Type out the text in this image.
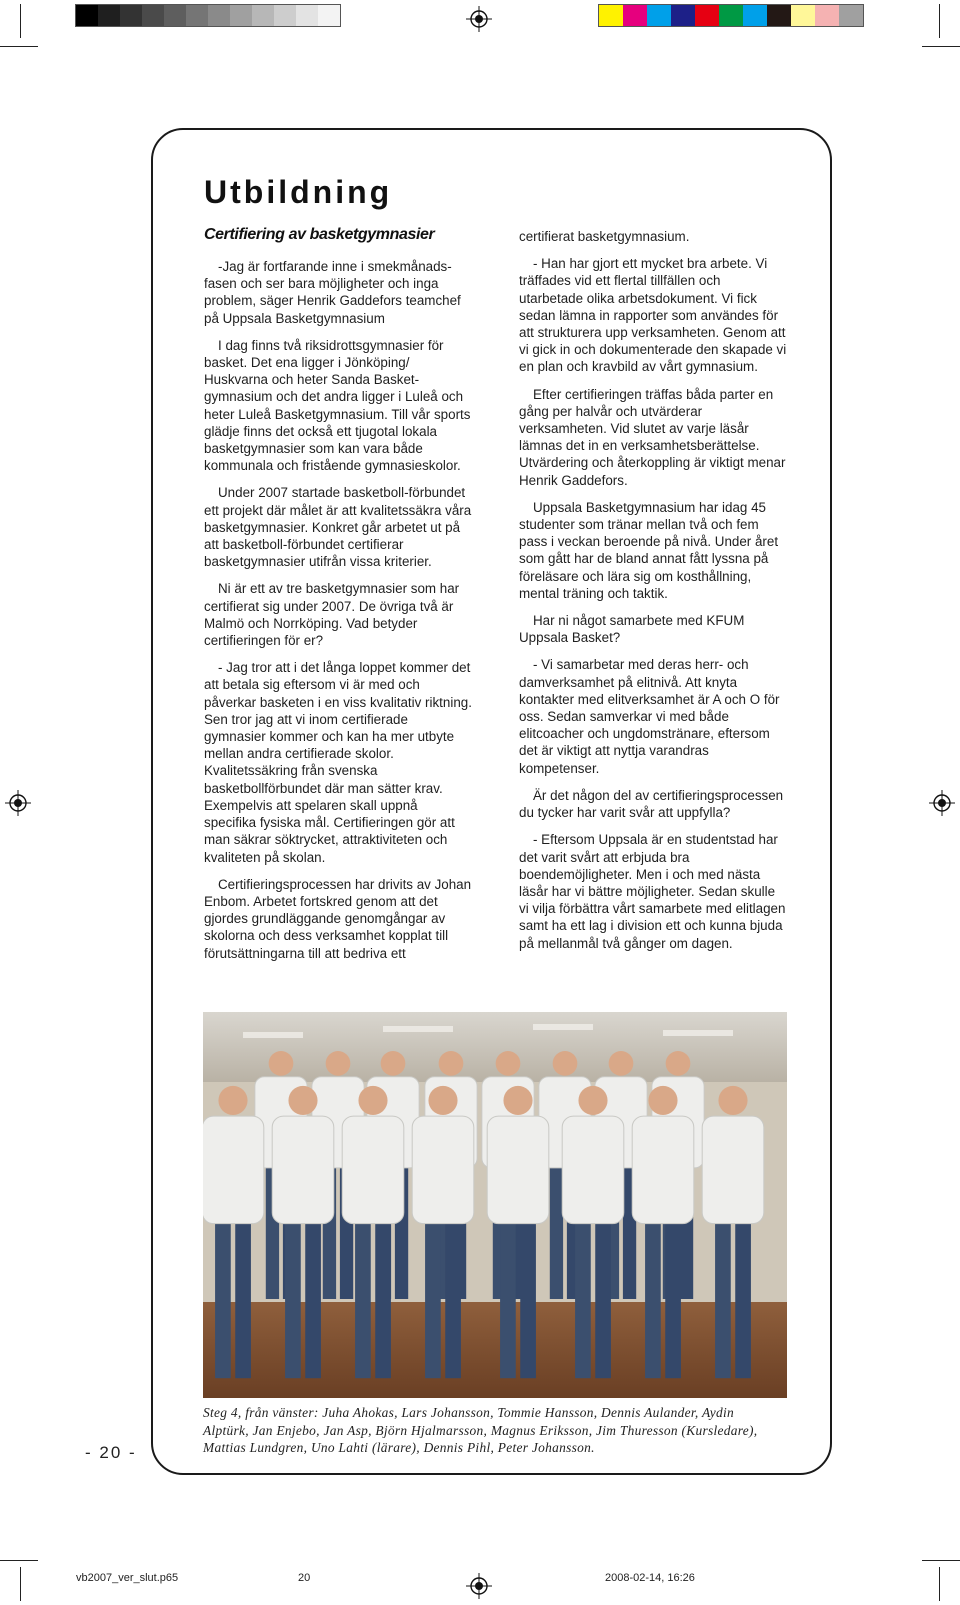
Utbildning
Certifiering av basketgymnasier

-Jag är fortfarande inne i smekmånads-fasen och ser bara möjligheter och inga problem, säger Henrik Gaddefors teamchef på Uppsala Basketgymnasium

I dag finns två riksidrottsgymnasier för basket. Det ena ligger i Jönköping/ Huskvarna och heter Sanda Basket-gymnasium och det andra ligger i Luleå och heter Luleå Basketgymnasium. Till vår sports glädje finns det också ett tjugotal lokala basketgymnasier som kan vara både kommunala och fristående gymnasieskolor.

Under 2007 startade basketboll-förbundet ett projekt där målet är att kvalitetssäkra våra basketgymnasier. Konkret går arbetet ut på att basketboll-förbundet certifierar basketgymnasier utifrån vissa kriterier.

Ni är ett av tre basketgymnasier som har certifierat sig under 2007. De övriga två är Malmö och Norrköping. Vad betyder certifieringen för er?

- Jag tror att i det långa loppet kommer det att betala sig eftersom vi är med och påverkar basketen i en viss kvalitativ riktning. Sen tror jag att vi inom certifierade gymnasier kommer och kan ha mer utbyte mellan andra certifierade skolor. Kvalitetssäkring från svenska basketbollförbundet där man sätter krav. Exempelvis att spelaren skall uppnå specifika fysiska mål. Certifieringen gör att man säkrar söktrycket, attraktiviteten och kvaliteten på skolan.

Certifieringsprocessen har drivits av Johan Enbom. Arbetet fortskred genom att det gjordes grundläggande genomgångar av skolorna och dess verksamhet kopplat till förutsättningarna till att bedriva ett

certifierat basketgymnasium.

- Han har gjort ett mycket bra arbete. Vi träffades vid ett flertal tillfällen och utarbetade olika arbetsdokument. Vi fick sedan lämna in rapporter som användes för att strukturera upp verksamheten. Genom att vi gick in och dokumenterade den skapade vi en plan och kravbild av vårt gymnasium.

Efter certifieringen träffas båda parter en gång per halvår och utvärderar verksamheten. Vid slutet av varje läsår lämnas det in en verksamhetsberättelse. Utvärdering och återkoppling är viktigt menar Henrik Gaddefors.

Uppsala Basketgymnasium har idag 45 studenter som tränar mellan två och fem pass i veckan beroende på nivå. Under året som gått har de bland annat fått lyssna på föreläsare och lära sig om kosthållning, mental träning och taktik.

Har ni något samarbete med KFUM Uppsala Basket?

- Vi samarbetar med deras herr- och damverksamhet på elitnivå. Att knyta kontakter med elitverksamhet är A och O för oss. Sedan samverkar vi med både elitcoacher och ungdomstränare, eftersom det är viktigt att nyttja varandras kompetenser.

Är det någon del av certifieringsprocessen du tycker har varit svår att uppfylla?

- Eftersom Uppsala är en studentstad har det varit svårt att erbjuda bra boendemöjligheter. Men i och med nästa läsår har vi bättre möjligheter. Sedan skulle vi vilja förbättra vårt samarbete med elitlagen samt ha ett lag i division ett och kunna bjuda på mellanmål två gånger om dagen.

Steg 4, från vänster: Juha Ahokas, Lars Johansson, Tommie Hansson, Dennis Aulander, Aydin Alptürk, Jan Enjebo, Jan Asp, Björn Hjalmarsson, Magnus Eriksson, Jim Thuresson (Kursledare), Mattias Lundgren, Uno Lahti (lärare), Dennis Pihl, Peter Johansson.
- 20 -
vb2007_ver_slut.p65	20	2008-02-14, 16:26
